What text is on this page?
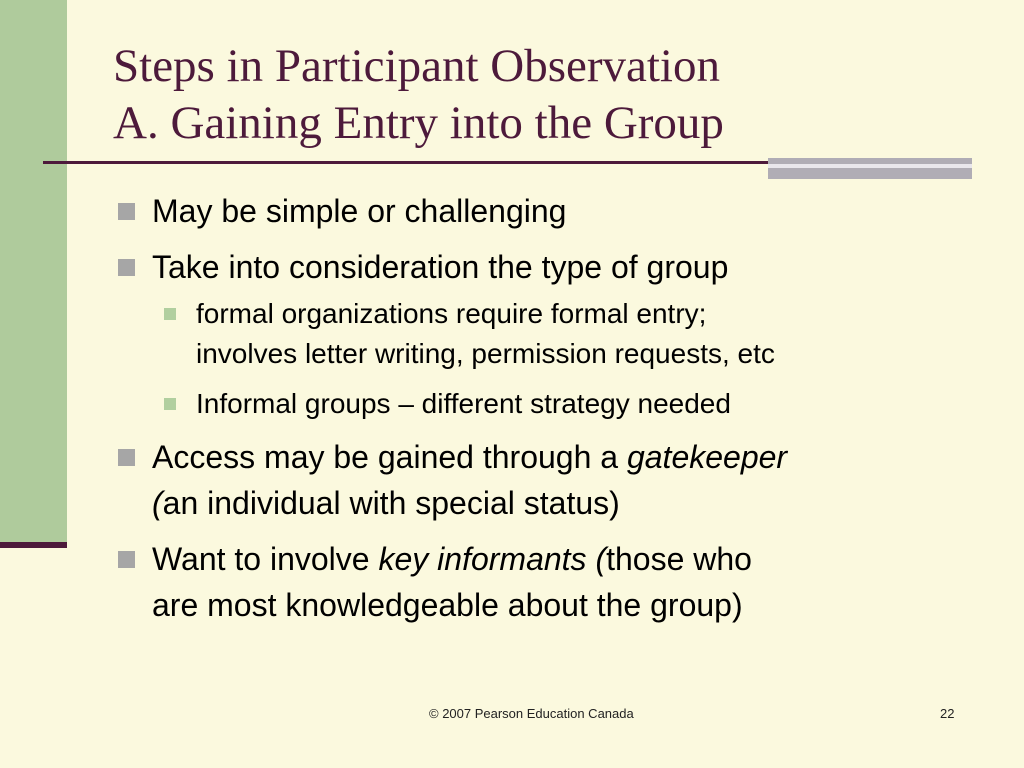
Steps in Participant Observation
A. Gaining Entry into the Group
May be simple or challenging
Take into consideration the type of group
formal organizations require formal entry;
involves letter writing, permission requests, etc
Informal groups – different strategy needed
Access may be gained through a gatekeeper
(an individual with special status)
Want to involve key informants (those who
are most knowledgeable about the group)
© 2007 Pearson Education Canada	22
